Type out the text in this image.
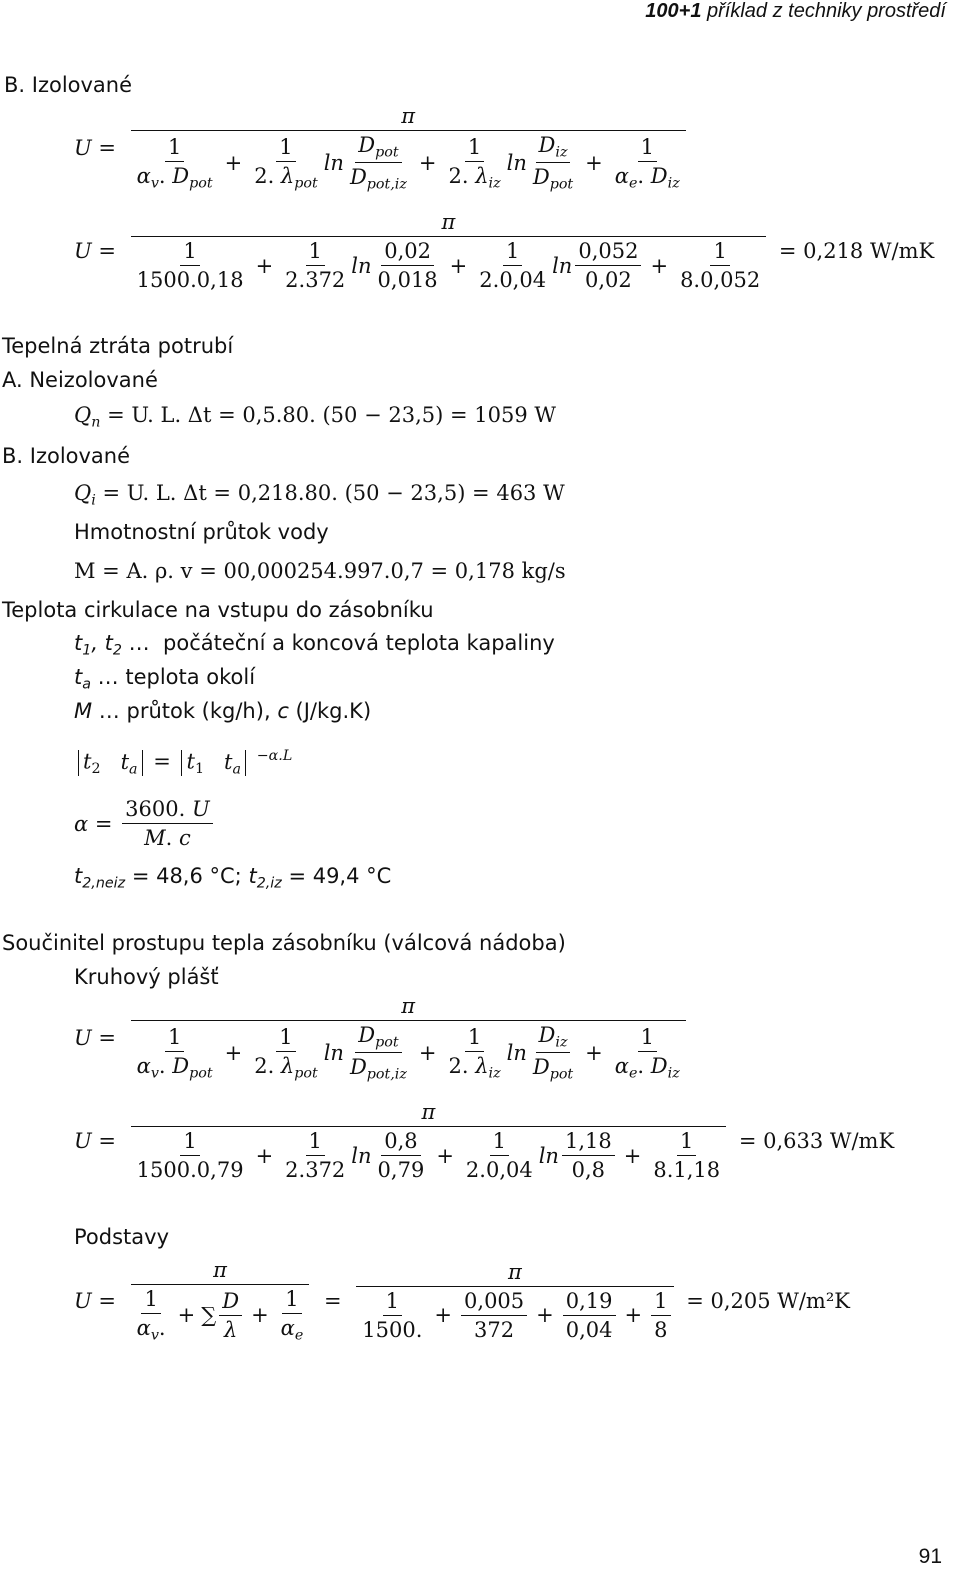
100+1 příklad z techniky prostředí
B. Izolované
U =
π
$\frac{1}{\alpha_v. D_{pot}} + \frac{1}{2. \lambda_{pot}}$ $\ln \frac{D_{pot}}{D_{pot,iz}} + \frac{1}{2. \lambda_{iz}}$ $\ln \frac{D_{iz}}{D_{pot}} + \frac{1}{\alpha_e. D_{iz}}$
U =
π
$\frac{1}{1500.0,18} + \frac{1}{2.372}$ $\ln \frac{0,02}{0,018} + \frac{1}{2.0,04}$ $\ln \frac{0,052}{0,02} + \frac{1}{8.0,052} = 0,218$ W/mK
Tepelná ztráta potrubí
A. Neizolované
$Q_n = U$. L. Δt = 0,5.80. (50 − 23,5) = 1059 W
B. Izolované
$Q_i = U$. L. Δt = 0,218.80. (50 − 23,5) = 463 W
Hmotnostní průtok vody
M = A. ρ. v = 00,000254.997.0,7 = 0,178 kg/s
Teplota cirkulace na vstupu do zásobníku
$t_1$, $t_2$ …  počáteční a koncová teplota kapaliny
$t_a$ … teplota okolí
M … průtok (kg/h), c (J/kg.K)
$t_2$ $t_a = t_1$ $t_a$ $^{-\alpha.L}$
$\alpha = \frac{3600. U}{M. c}$
$t_{2,neiz} = 48,6$ °C; $t_{2,iz} = 49,4$ °C
Součinitel prostupu tepla zásobníku (válcová nádoba)
Kruhový plášť
U =
π
$\frac{1}{\alpha_v. D_{pot}} + \frac{1}{2. \lambda_{pot}}$ $\ln \frac{D_{pot}}{D_{pot,iz}} + \frac{1}{2. \lambda_{iz}}$ $\ln \frac{D_{iz}}{D_{pot}} + \frac{1}{\alpha_e. D_{iz}}$
U =
π
$\frac{1}{1500.0,79} + \frac{1}{2.372}$ $\ln \frac{0,8}{0,79} + \frac{1}{2.0,04}$ $\ln \frac{1,18}{0,8} + \frac{1}{8.1,18} = 0,633$ W/mK
Podstavy
$U = \frac{\pi}{\frac{1}{\alpha_v.} + \sum \frac{D}{\lambda} + \frac{1}{\alpha_e}}$ =
π
$\frac{1}{1500.} + \frac{0,005}{372} + \frac{0,19}{0,04} + \frac{1}{8} = 0,205$ W/m²K
91
